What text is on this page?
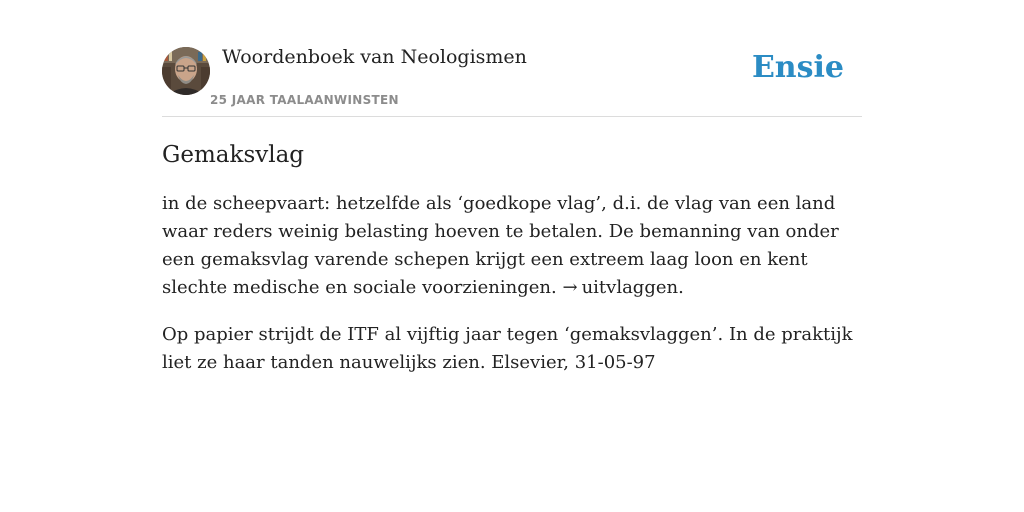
Woordenboek van Neologismen
25 JAAR TAALAANWINSTEN
Ensie
Gemaksvlag

in de scheepvaart: hetzelfde als ‘goedkope vlag’, d.i. de vlag van een land waar reders weinig belasting hoeven te betalen. De bemanning van onder een gemaksvlag varende schepen krijgt een extreem laag loon en kent slechte medische en sociale voorzieningen. → uitvlaggen.

Op papier strijdt de ITF al vijftig jaar tegen ‘gemaksvlaggen’. In de praktijk liet ze haar tanden nauwelijks zien. Elsevier, 31-05-97
